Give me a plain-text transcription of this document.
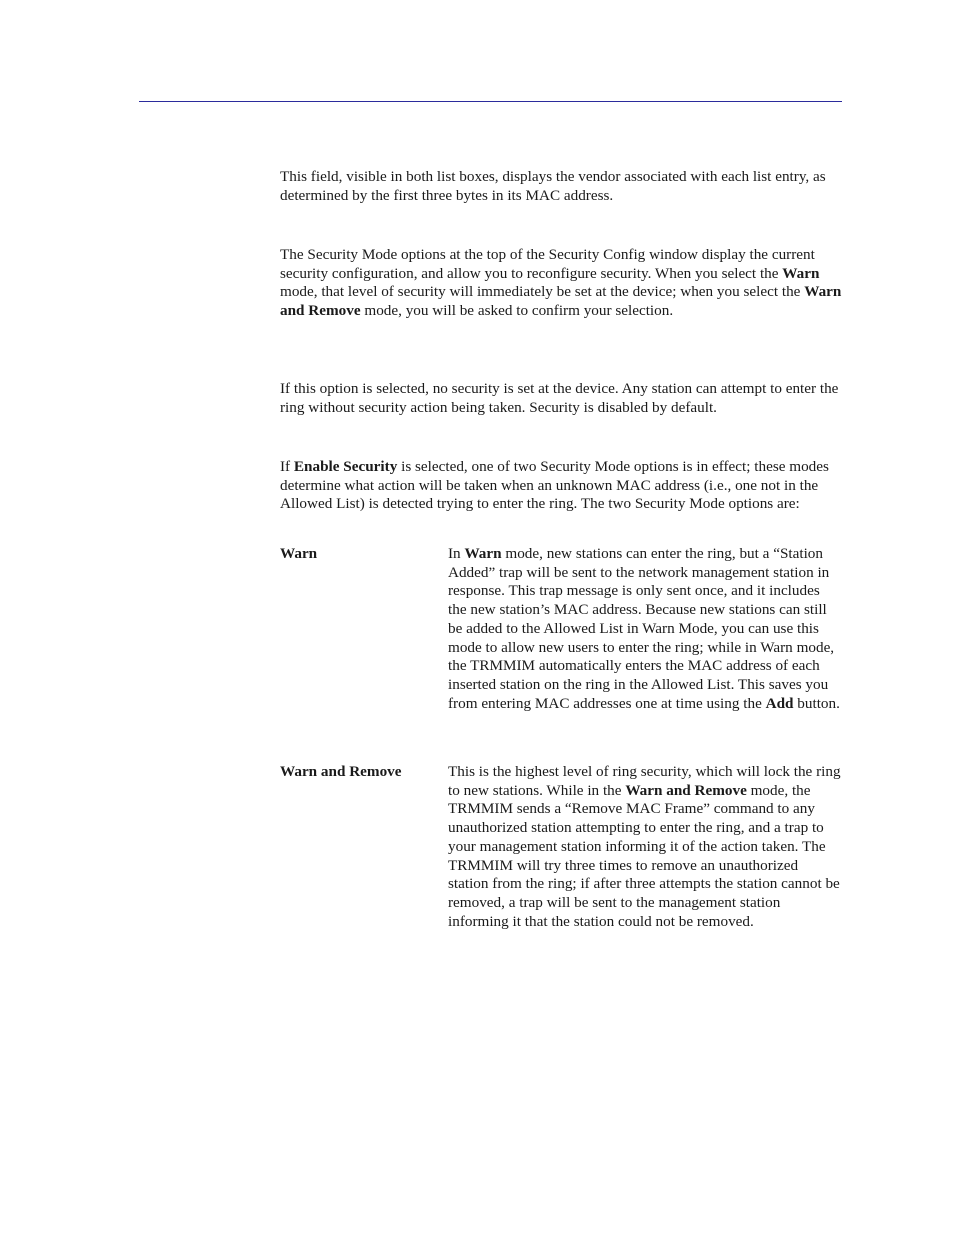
This field, visible in both list boxes, displays the vendor associated with each list entry, as determined by the first three bytes in its MAC address.

The Security Mode options at the top of the Security Config window display the current security configuration, and allow you to reconfigure security. When you select the Warn mode, that level of security will immediately be set at the device; when you select the Warn and Remove mode, you will be asked to confirm your selection.

If this option is selected, no security is set at the device. Any station can attempt to enter the ring without security action being taken. Security is disabled by default.

If Enable Security is selected, one of two Security Mode options is in effect; these modes determine what action will be taken when an unknown MAC address (i.e., one not in the Allowed List) is detected trying to enter the ring. The two Security Mode options are:

Warn	In Warn mode, new stations can enter the ring, but a “Station Added” trap will be sent to the network management station in response. This trap message is only sent once, and it includes the new station’s MAC address. Because new stations can still be added to the Allowed List in Warn Mode, you can use this mode to allow new users to enter the ring; while in Warn mode, the TRMMIM automatically enters the MAC address of each inserted station on the ring in the Allowed List. This saves you from entering MAC addresses one at time using the Add button.

Warn and Remove	This is the highest level of ring security, which will lock the ring to new stations. While in the Warn and Remove mode, the TRMMIM sends a “Remove MAC Frame” command to any unauthorized station attempting to enter the ring, and a trap to your management station informing it of the action taken. The TRMMIM will try three times to remove an unauthorized station from the ring; if after three attempts the station cannot be removed, a trap will be sent to the management station informing it that the station could not be removed.
